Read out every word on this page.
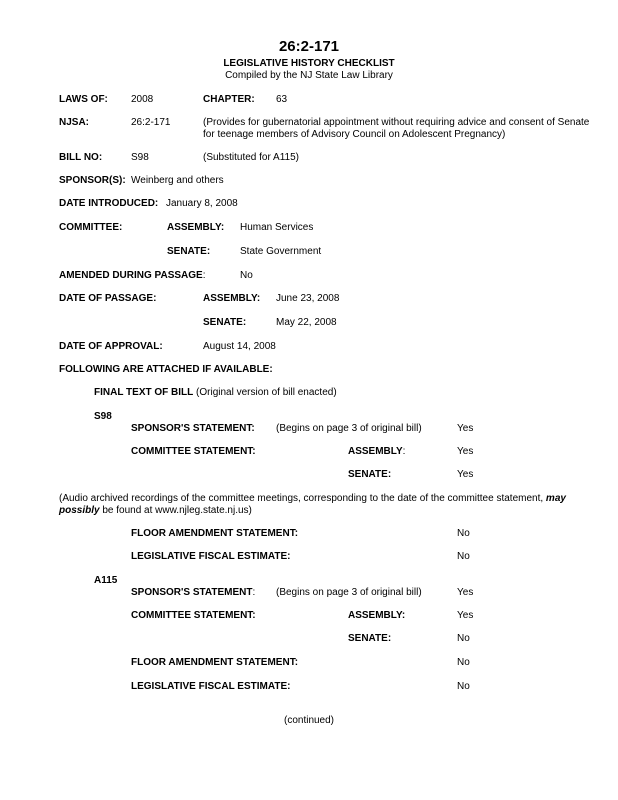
26:2-171
LEGISLATIVE HISTORY CHECKLIST
Compiled by the NJ State Law Library
LAWS OF: 2008	CHAPTER: 63
NJSA:	26:2-171	(Provides for gubernatorial appointment without requiring advice and consent of Senate for teenage members of Advisory Council on Adolescent Pregnancy)
BILL NO:	S98	(Substituted for A115)
SPONSOR(S): Weinberg and others
DATE INTRODUCED: January 8, 2008
COMMITTEE:	ASSEMBLY: Human Services
SENATE:	State Government
AMENDED DURING PASSAGE:	No
DATE OF PASSAGE:	ASSEMBLY: June 23, 2008
SENATE:	May 22, 2008
DATE OF APPROVAL:	August 14, 2008
FOLLOWING ARE ATTACHED IF AVAILABLE:
FINAL TEXT OF BILL (Original version of bill enacted)
S98
SPONSOR'S STATEMENT: (Begins on page 3 of original bill)	Yes
COMMITTEE STATEMENT:	ASSEMBLY:	Yes
SENATE:	Yes
(Audio archived recordings of the committee meetings, corresponding to the date of the committee statement, may possibly be found at www.njleg.state.nj.us)
FLOOR AMENDMENT STATEMENT:	No
LEGISLATIVE FISCAL ESTIMATE:	No
A115
SPONSOR'S STATEMENT: (Begins on page 3 of original bill)	Yes
COMMITTEE STATEMENT:	ASSEMBLY:	Yes
SENATE:	No
FLOOR AMENDMENT STATEMENT:	No
LEGISLATIVE FISCAL ESTIMATE:	No
(continued)
